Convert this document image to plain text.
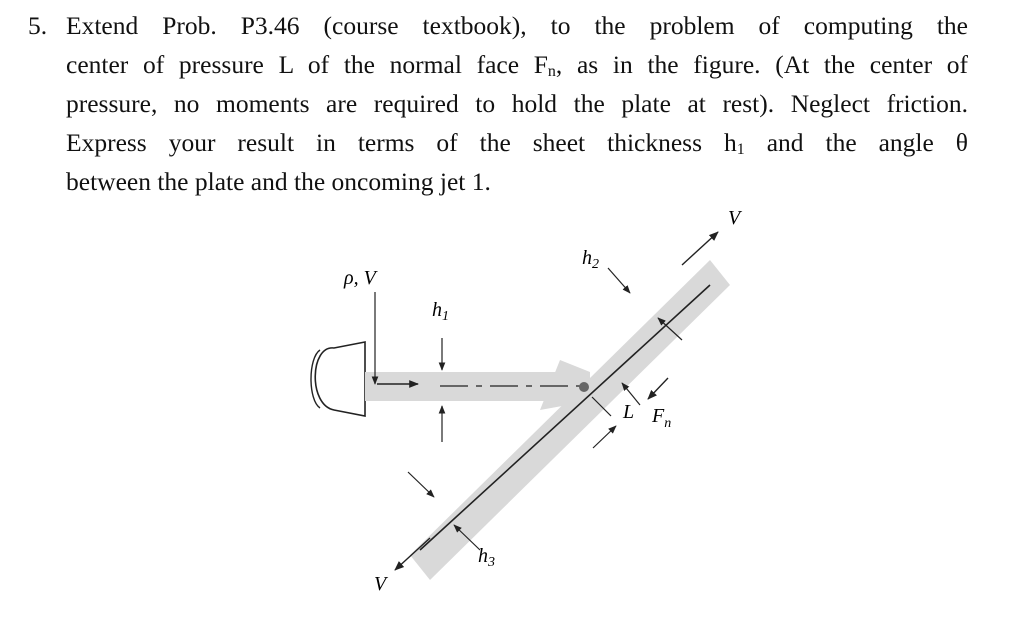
5. Extend Prob. P3.46 (course textbook), to the problem of computing the
center of pressure L of the normal face $F_n$, as in the figure. (At the center of
pressure, no moments are required to hold the plate at rest). Neglect friction.
Express your result in terms of the sheet thickness $h_1$ and the angle θ
between the plate and the oncoming jet 1.
ρ, V
$h_1$
$h_2$
$h_3$
V
V
L $F_n$
